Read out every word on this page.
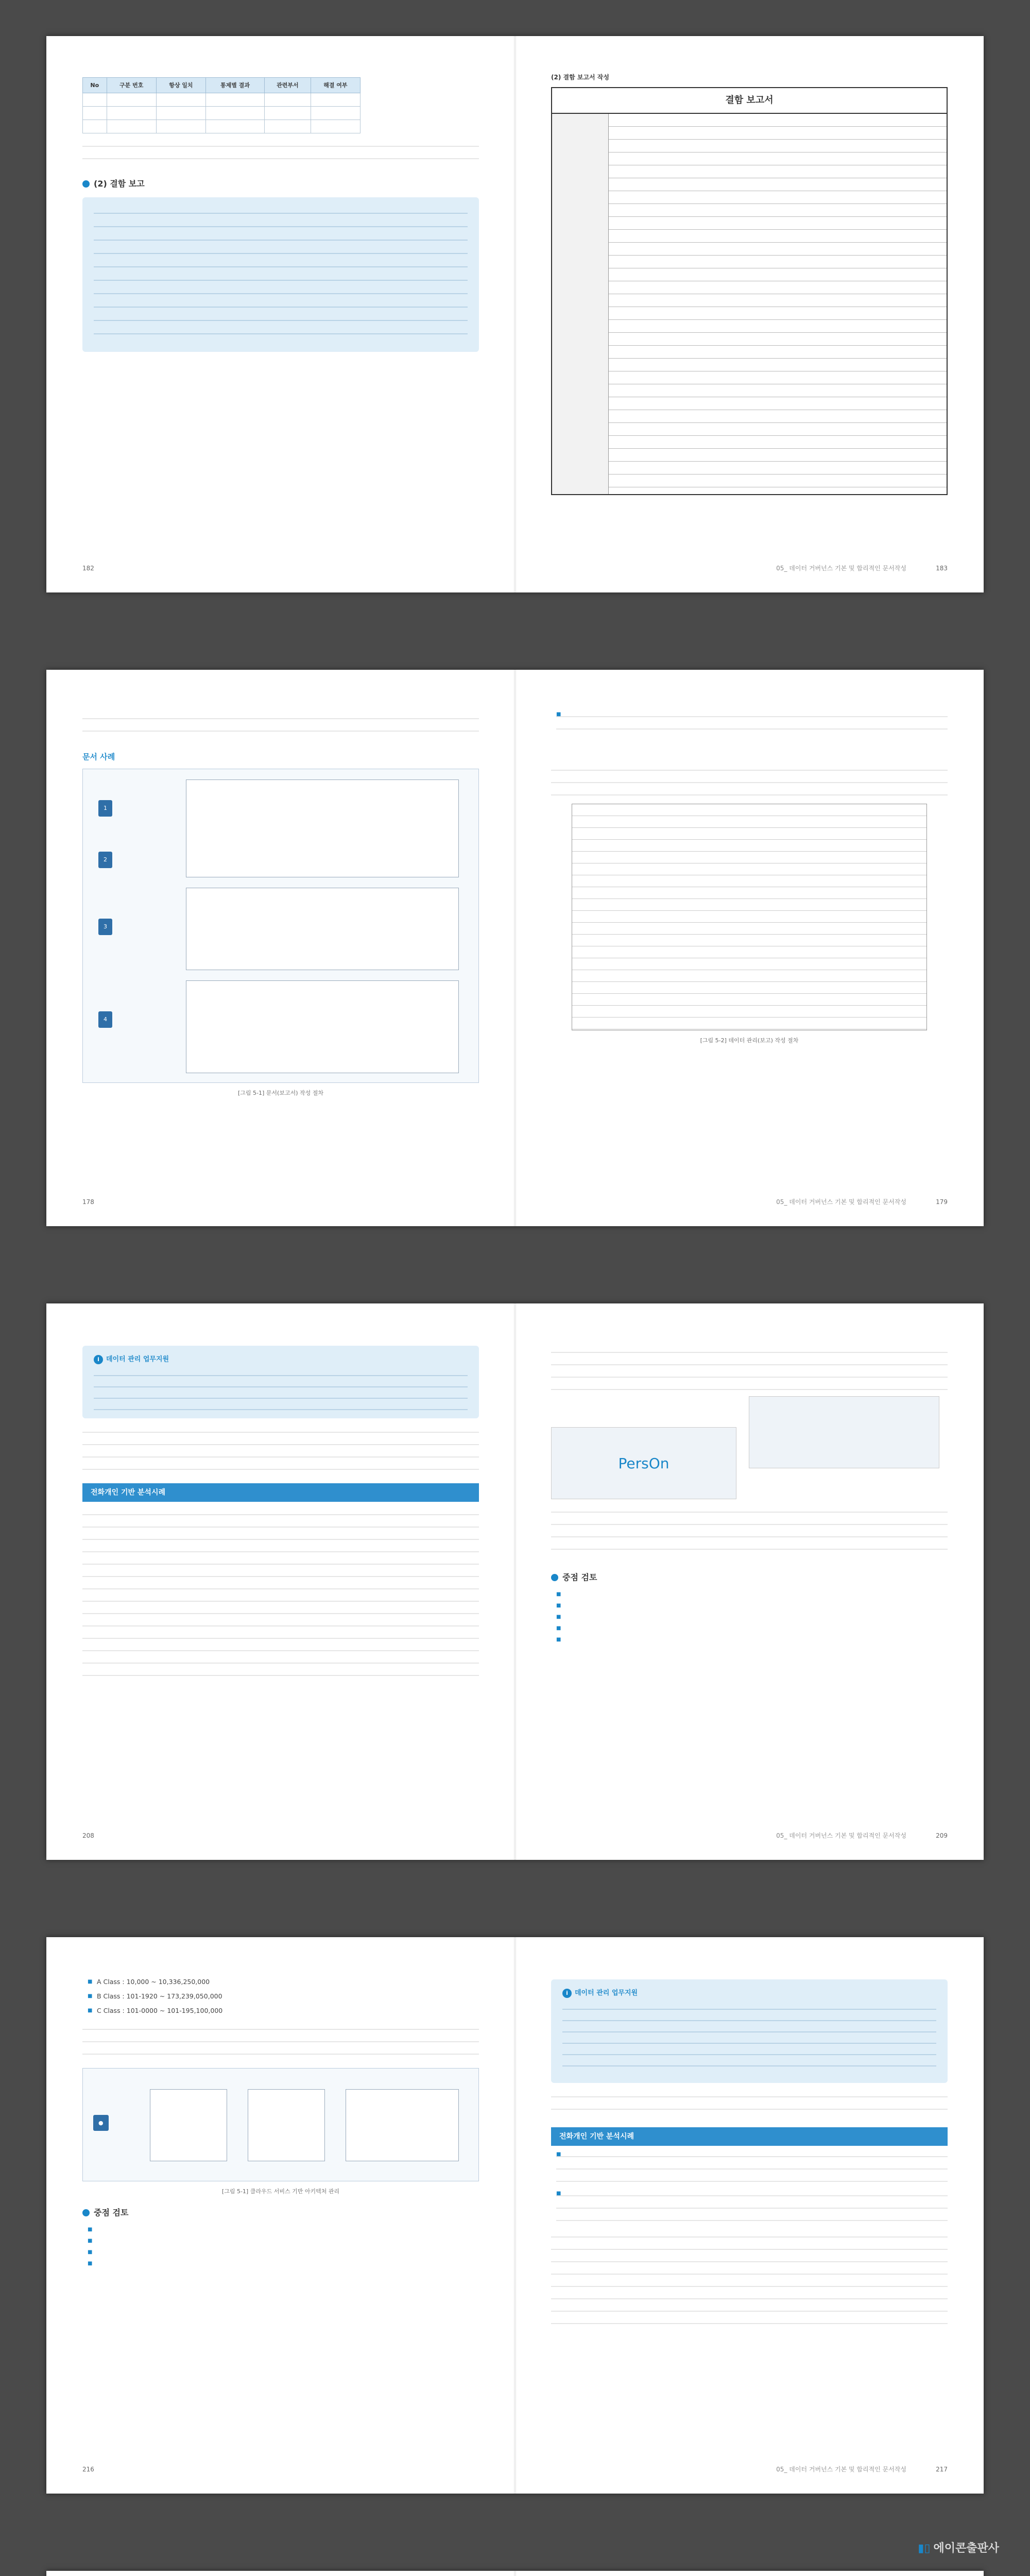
No	구분 번호	항상 일치	통제별 결과	관련부서	해결 여부

(2) 결함 보고
182
(2) 결함 보고서 작성
결함 보고서
05_ 데이터 거버넌스 기본 및 합리적인 문서작성	183
문서 사례
1
2
3
4
[그림 5-1] 문서(보고서) 작성 절차
178
■
[그림 5-2] 데이터 관리(보고) 작성 절차
05_ 데이터 거버넌스 기본 및 합리적인 문서작성	179
i 데이터 관리 업무지원
전화개인 기반 분석시례
208
PersOn
중점 검토
■
■
■
■
■
05_ 데이터 거버넌스 기본 및 합리적인 문서작성	209
■ A Class : 10,000 ~ 10,336,250,000
■ B Class : 101-1920 ~ 173,239,050,000
■ C Class : 101-0000 ~ 101-195,100,000
●
[그림 5-1] 클라우드 서비스 기반 아키텍처 관리
중점 검토
■
■
■
■
216
i 데이터 관리 업무지원
전화개인 기반 분석시례
■
■
05_ 데이터 거버넌스 기본 및 합리적인 문서작성	217

▮▯ 에이콘출판사
